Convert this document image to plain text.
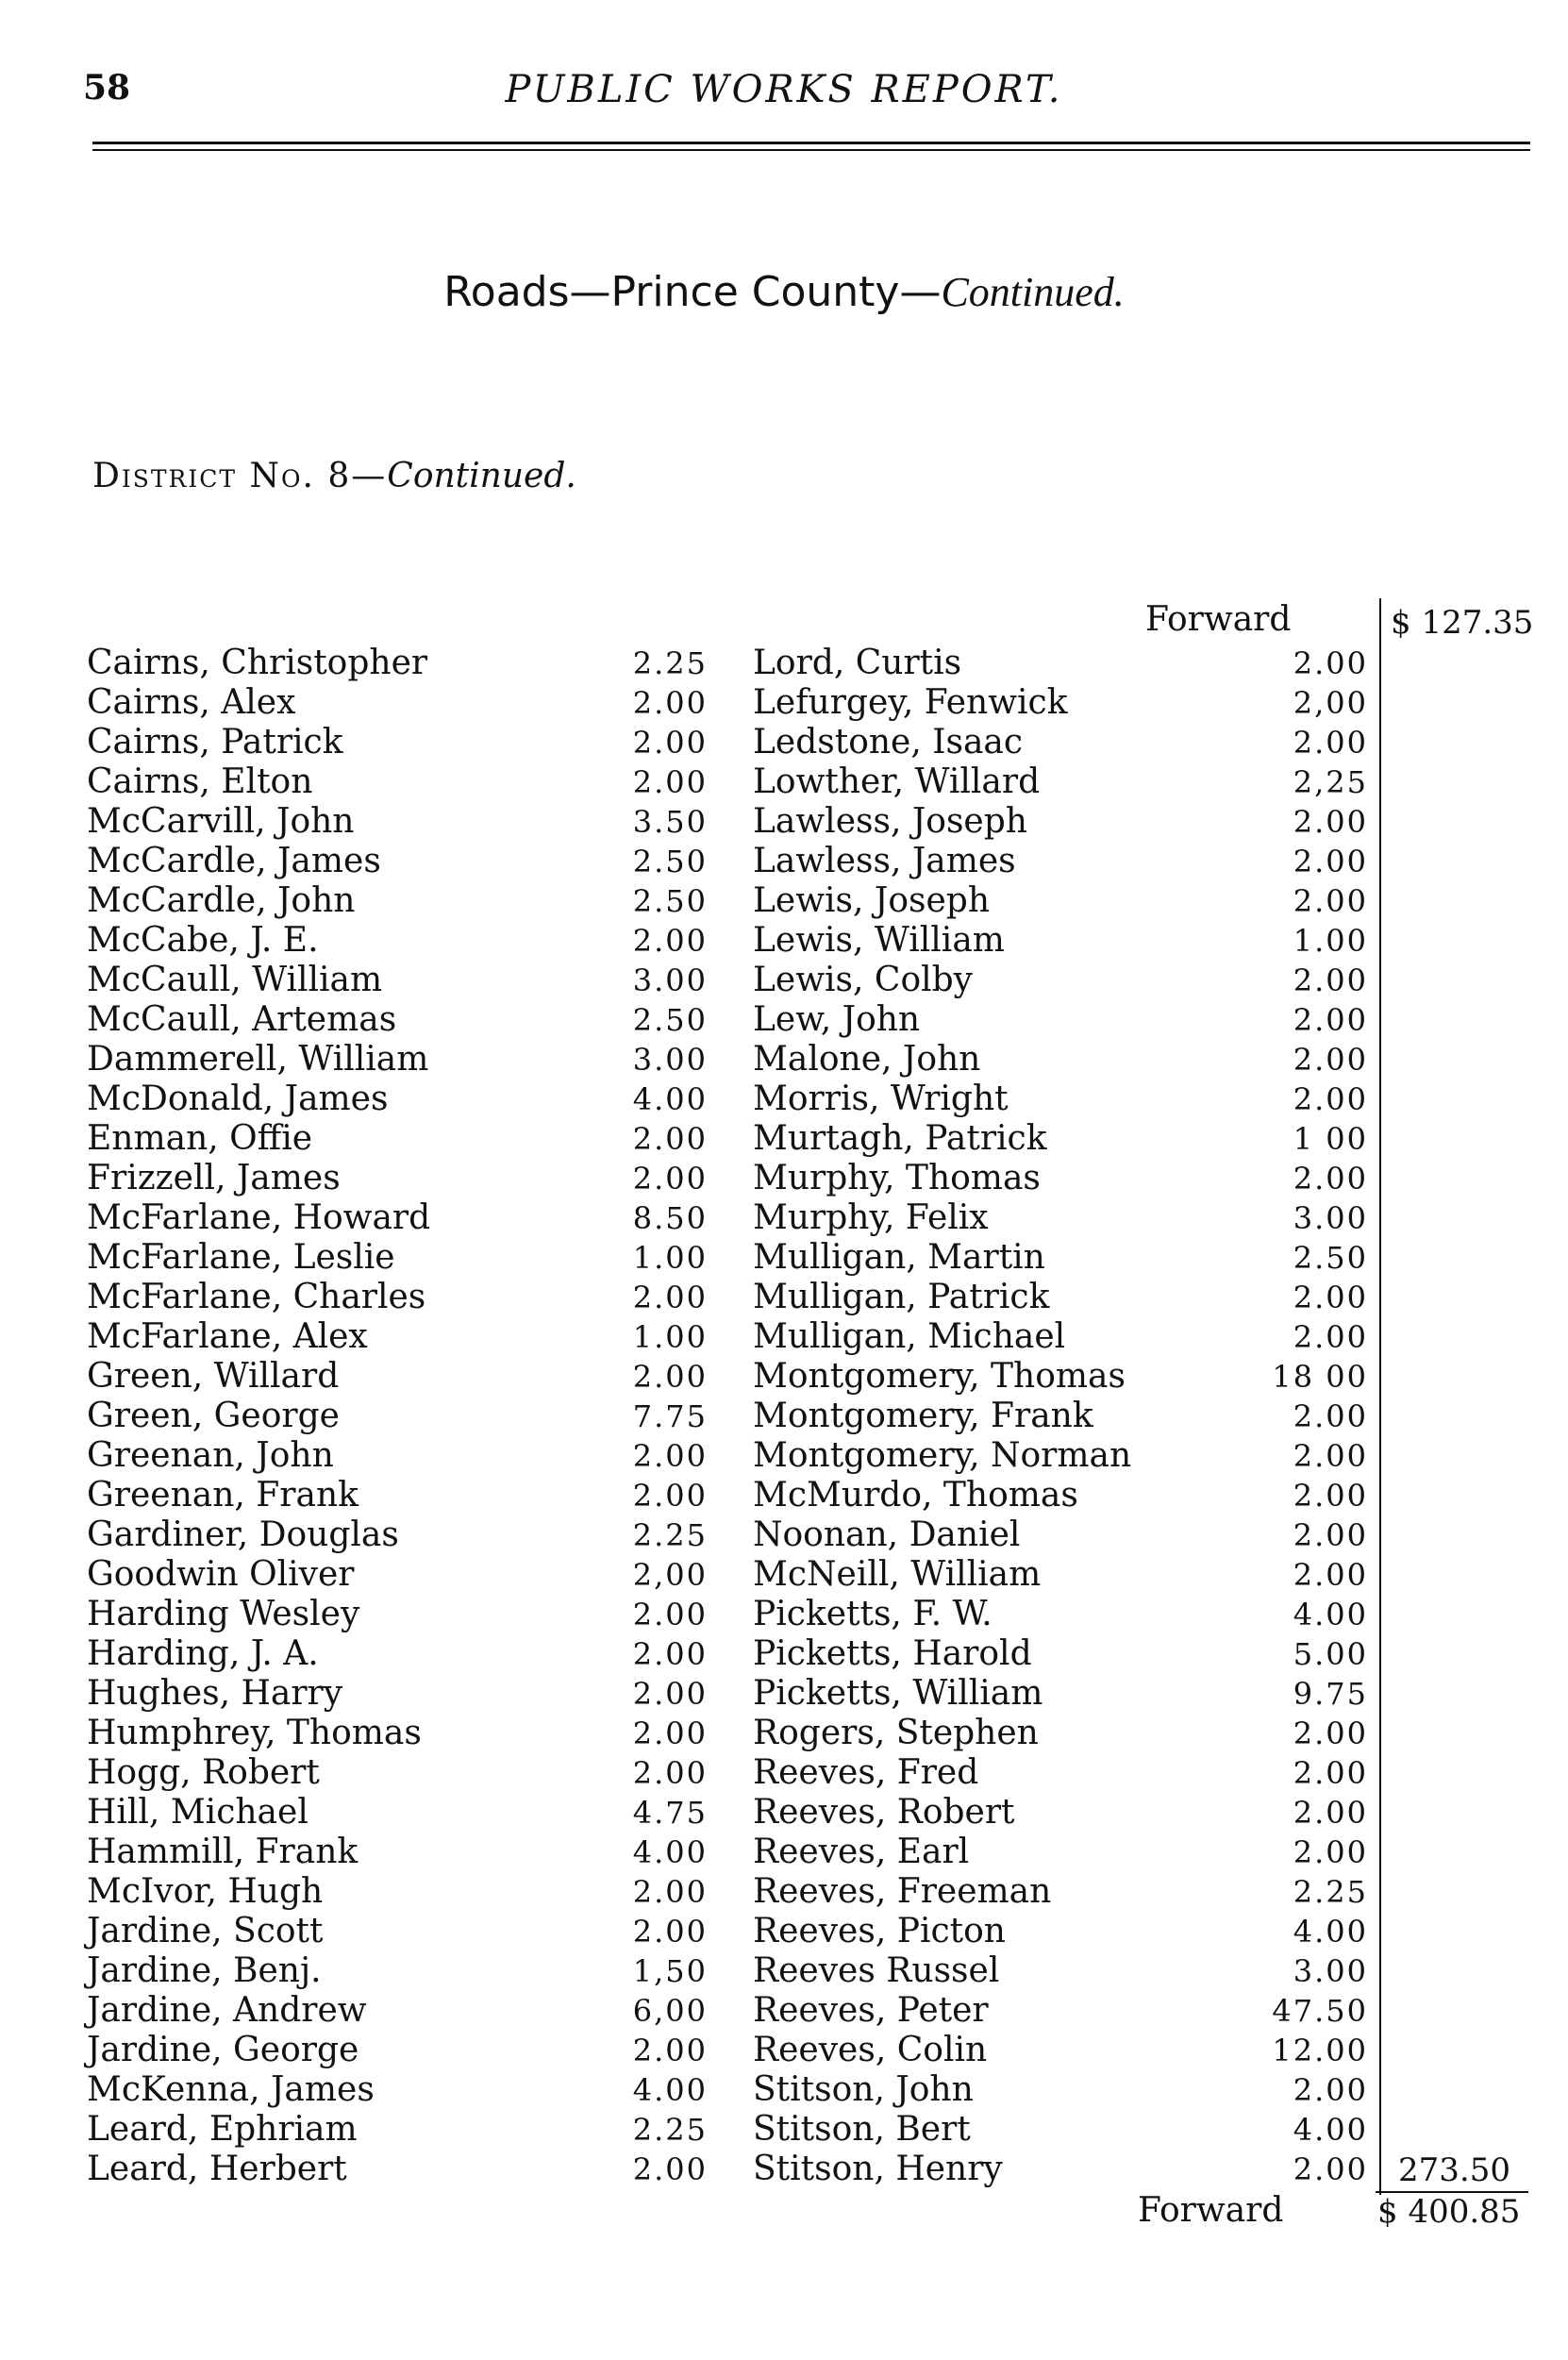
58	PUBLIC WORKS REPORT.
Roads—Prince County—Continued.
District No. 8—Continued.
Forward	$ 127.35
Cairns, Christopher	2.25
Cairns, Alex	2.00
Cairns, Patrick	2.00
Cairns, Elton	2.00
McCarvill, John	3.50
McCardle, James	2.50
McCardle, John	2.50
McCabe, J. E.	2.00
McCaull, William	3.00
McCaull, Artemas	2.50
Dammerell, William	3.00
McDonald, James	4.00
Enman, Offie	2.00
Frizzell, James	2.00
McFarlane, Howard	8.50
McFarlane, Leslie	1.00
McFarlane, Charles	2.00
McFarlane, Alex	1.00
Green, Willard	2.00
Green, George	7.75
Greenan, John	2.00
Greenan, Frank	2.00
Gardiner, Douglas	2.25
Goodwin Oliver	2,00
Harding Wesley	2.00
Harding, J. A.	2.00
Hughes, Harry	2.00
Humphrey, Thomas	2.00
Hogg, Robert	2.00
Hill, Michael	4.75
Hammill, Frank	4.00
McIvor, Hugh	2.00
Jardine, Scott	2.00
Jardine, Benj.	1,50
Jardine, Andrew	6,00
Jardine, George	2.00
McKenna, James	4.00
Leard, Ephriam	2.25
Leard, Herbert	2.00
Lord, Curtis	2.00
Lefurgey, Fenwick	2,00
Ledstone, Isaac	2.00
Lowther, Willard	2,25
Lawless, Joseph	2.00
Lawless, James	2.00
Lewis, Joseph	2.00
Lewis, William	1.00
Lewis, Colby	2.00
Lew, John	2.00
Malone, John	2.00
Morris, Wright	2.00
Murtagh, Patrick	1 00
Murphy, Thomas	2.00
Murphy, Felix	3.00
Mulligan, Martin	2.50
Mulligan, Patrick	2.00
Mulligan, Michael	2.00
Montgomery, Thomas	18 00
Montgomery, Frank	2.00
Montgomery, Norman	2.00
McMurdo, Thomas	2.00
Noonan, Daniel	2.00
McNeill, William	2.00
Picketts, F. W.	4.00
Picketts, Harold	5.00
Picketts, William	9.75
Rogers, Stephen	2.00
Reeves, Fred	2.00
Reeves, Robert	2.00
Reeves, Earl	2.00
Reeves, Freeman	2.25
Reeves, Picton	4.00
Reeves Russel	3.00
Reeves, Peter	47.50
Reeves, Colin	12.00
Stitson, John	2.00
Stitson, Bert	4.00
Stitson, Henry	2.00 273.50
Forward	$ 400.85
